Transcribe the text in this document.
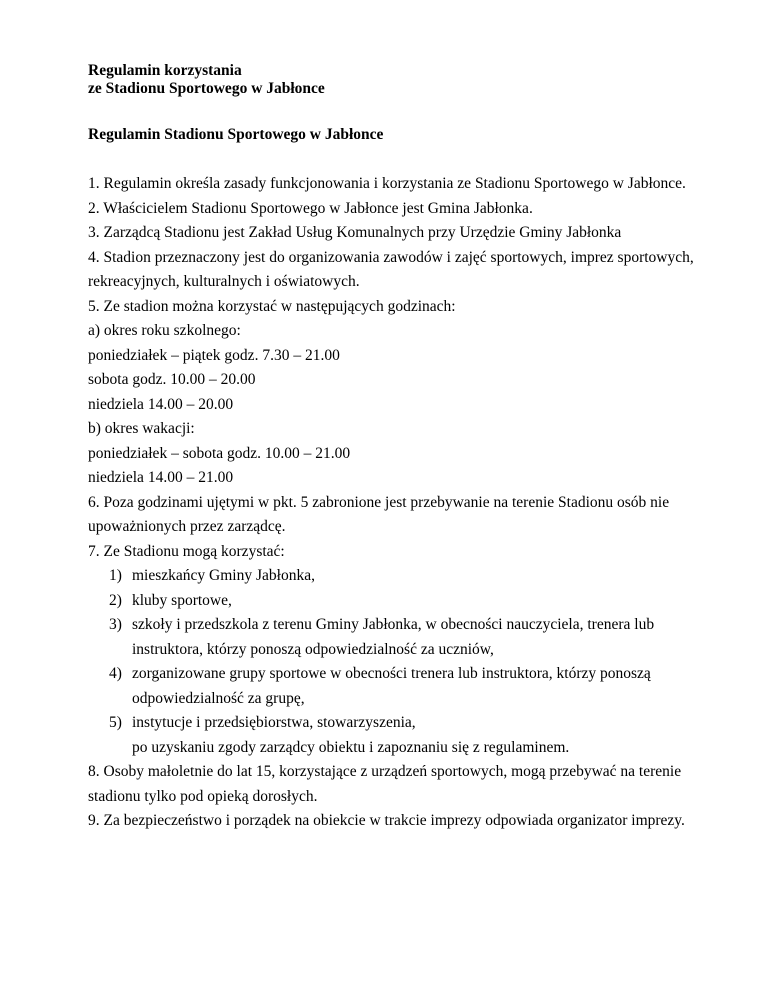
Regulamin korzystania
ze Stadionu Sportowego w Jabłonce
Regulamin Stadionu Sportowego w Jabłonce

1. Regulamin określa zasady funkcjonowania i korzystania ze Stadionu Sportowego w Jabłonce.

2. Właścicielem Stadionu Sportowego w Jabłonce jest Gmina Jabłonka.

3. Zarządcą Stadionu jest Zakład Usług Komunalnych przy Urzędzie Gminy Jabłonka

4. Stadion przeznaczony jest do organizowania zawodów i zajęć sportowych, imprez sportowych, rekreacyjnych, kulturalnych i oświatowych.

5. Ze stadion można korzystać w następujących godzinach:

a) okres roku szkolnego:

poniedziałek – piątek godz. 7.30 – 21.00

sobota godz. 10.00 – 20.00

niedziela 14.00 – 20.00

b) okres wakacji:

poniedziałek – sobota godz. 10.00 – 21.00

niedziela 14.00 – 21.00

6. Poza godzinami ujętymi w pkt. 5 zabronione jest przebywanie na terenie Stadionu osób nie upoważnionych przez zarządcę.

7. Ze Stadionu mogą korzystać:

1) mieszkańcy Gminy Jabłonka,
2) kluby sportowe,
3) szkoły i przedszkola z terenu Gminy Jabłonka, w obecności nauczyciela, trenera lub instruktora, którzy ponoszą odpowiedzialność za uczniów,
4) zorganizowane grupy sportowe w obecności trenera lub instruktora, którzy ponoszą odpowiedzialność za grupę,
5) instytucje i przedsiębiorstwa, stowarzyszenia,

po uzyskaniu zgody zarządcy obiektu i zapoznaniu się z regulaminem.

8. Osoby małoletnie do lat 15, korzystające z urządzeń sportowych, mogą przebywać na terenie stadionu tylko pod opieką dorosłych.

9. Za bezpieczeństwo i porządek na obiekcie w trakcie imprezy odpowiada organizator imprezy.
